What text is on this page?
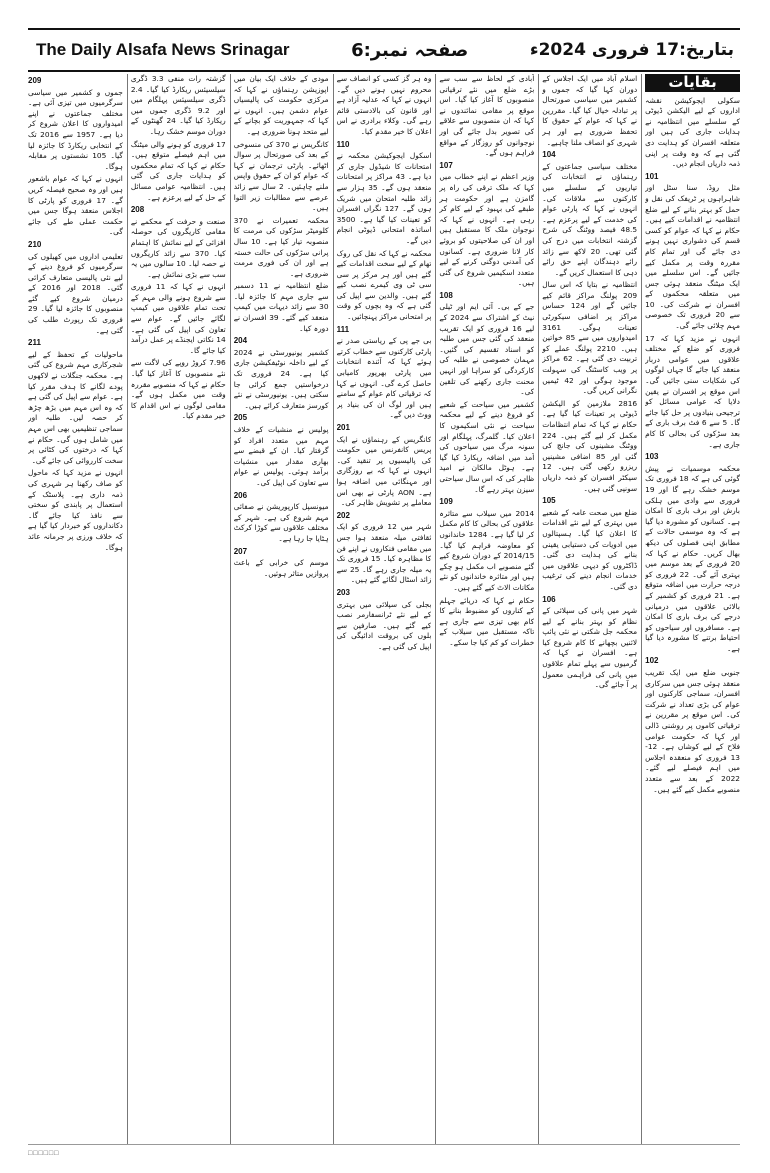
The Daily Alsafa News Srinagar	صفحہ نمبر:6	بتاریخ:17 فروری 2024ء
بقایات
سکولی ایجوکیشن نقشہ اداروں کے لیے الیکشن ڈیوٹی کے سلسلے میں انتظامیہ نے ہدایات جاری کی ہیں اور متعلقہ افسران کو ہدایت دی گئی ہے کہ وہ وقت پر اپنی ذمہ داریاں انجام دیں۔
101
مثل روڈ، سنا سٹل اور شاہراہوں پر ٹریفک کی نقل و حمل کو بہتر بنانے کے لیے ضلع انتظامیہ نے اقدامات کیے ہیں۔ حکام نے کہا کہ عوام کو کسی قسم کی دشواری نہیں ہونے دی جائے گی اور تمام کام مقررہ وقت پر مکمل کیے جائیں گے۔ اس سلسلے میں ایک میٹنگ منعقد ہوئی جس میں متعلقہ محکموں کے افسران نے شرکت کی۔ 10 سے 20 فروری تک خصوصی مہم چلائی جائے گی۔
انہوں نے مزید کہا کہ 17 فروری کو ضلع کے مختلف علاقوں میں عوامی دربار منعقد کیا جائے گا جہاں لوگوں کی شکایات سنی جائیں گی۔ اس موقع پر افسران نے یقین دلایا کہ عوامی مسائل کو ترجیحی بنیادوں پر حل کیا جائے گا۔ 5 سے 6 فٹ برف باری کے بعد سڑکوں کی بحالی کا کام جاری ہے۔
103
محکمہ موسمیات نے پیش گوئی کی ہے کہ 18 فروری تک موسم خشک رہے گا اور 19 فروری سے وادی میں ہلکی بارش اور برف باری کا امکان ہے۔ کسانوں کو مشورہ دیا گیا ہے کہ وہ موسمی حالات کے مطابق اپنی فصلوں کی دیکھ بھال کریں۔ حکام نے کہا کہ 20 فروری کے بعد موسم میں بہتری آئے گی۔ 22 فروری کو درجہ حرارت میں اضافہ متوقع ہے۔ 21 فروری کو کشمیر کے بالائی علاقوں میں درمیانی درجے کی برف باری کا امکان ہے۔ مسافروں اور سیاحوں کو احتیاط برتنے کا مشورہ دیا گیا ہے۔
102
جنوبی ضلع میں ایک تقریب منعقد ہوئی جس میں سرکاری افسران، سماجی کارکنوں اور عوام کی بڑی تعداد نے شرکت کی۔ اس موقع پر مقررین نے ترقیاتی کاموں پر روشنی ڈالی اور کہا کہ حکومت عوامی فلاح کے لیے کوشاں ہے۔ 12-13 فروری کو منعقدہ اجلاس میں اہم فیصلے لیے گئے۔ 2022 کے بعد سے متعدد منصوبے مکمل کیے گئے ہیں۔
اسلام آباد میں ایک اجلاس کے دوران کہا گیا کہ جموں و کشمیر میں سیاسی صورتحال پر تبادلہ خیال کیا گیا۔ مقررین نے کہا کہ عوام کے حقوق کا تحفظ ضروری ہے اور ہر شہری کو انصاف ملنا چاہیے۔
104
مختلف سیاسی جماعتوں کے رہنماؤں نے انتخابات کی تیاریوں کے سلسلے میں کارکنوں سے ملاقات کی۔ انہوں نے کہا کہ پارٹی عوام کی خدمت کے لیے پرعزم ہے۔ 48.5 فیصد ووٹنگ کی شرح گزشتہ انتخابات میں درج کی گئی تھی۔ 20 لاکھ سے زائد رائے دہندگان اپنے حق رائے دہی کا استعمال کریں گے۔
انتظامیہ نے بتایا کہ اس سال 209 پولنگ مراکز قائم کیے جائیں گے اور 124 حساس مراکز پر اضافی سیکورٹی تعینات ہوگی۔ 3161 امیدواروں میں سے 85 خواتین ہیں۔ 2210 پولنگ عملے کو تربیت دی گئی ہے۔ 62 مراکز پر ویب کاسٹنگ کی سہولت موجود ہوگی اور 42 ٹیمیں نگرانی کریں گی۔
2816 ملازمین کو الیکشن ڈیوٹی پر تعینات کیا گیا ہے۔ حکام نے کہا کہ تمام انتظامات مکمل کر لیے گئے ہیں۔ 224 ووٹنگ مشینوں کی جانچ کی گئی اور 85 اضافی مشینیں ریزرو رکھی گئی ہیں۔ 12 سیکٹر افسران کو ذمہ داریاں سونپی گئی ہیں۔
105
ضلع میں صحت عامہ کے شعبے میں بہتری کے لیے نئے اقدامات کا اعلان کیا گیا۔ ہسپتالوں میں ادویات کی دستیابی یقینی بنانے کی ہدایت دی گئی۔ ڈاکٹروں کو دیہی علاقوں میں خدمات انجام دینے کی ترغیب دی گئی۔
106
شہر میں پانی کی سپلائی کے نظام کو بہتر بنانے کے لیے محکمہ جل شکتی نے نئی پائپ لائنیں بچھانے کا کام شروع کیا ہے۔ افسران نے کہا کہ گرمیوں سے پہلے تمام علاقوں میں پانی کی فراہمی معمول پر آ جائے گی۔
آبادی کے لحاظ سے سب سے بڑے ضلع میں نئے ترقیاتی منصوبوں کا آغاز کیا گیا۔ اس موقع پر مقامی نمائندوں نے کہا کہ ان منصوبوں سے علاقے کی تصویر بدل جائے گی اور نوجوانوں کو روزگار کے مواقع فراہم ہوں گے۔
107
وزیر اعظم نے اپنے خطاب میں کہا کہ ملک ترقی کی راہ پر گامزن ہے اور حکومت ہر طبقے کی بہبود کے لیے کام کر رہی ہے۔ انہوں نے کہا کہ نوجوان ملک کا مستقبل ہیں اور ان کی صلاحیتوں کو بروئے کار لانا ضروری ہے۔ کسانوں کی آمدنی دوگنی کرنے کے لیے متعدد اسکیمیں شروع کی گئی ہیں۔
108
جے کے بی۔ آئی ایم اور ٹیلی نیٹ کے اشتراک سے 2024 کے لیے 16 فروری کو ایک تقریب منعقد کی گئی جس میں طلبہ کو اسناد تقسیم کی گئیں۔ مہمان خصوصی نے طلبہ کی کارکردگی کو سراہا اور انہیں محنت جاری رکھنے کی تلقین کی۔
کشمیر میں سیاحت کے شعبے کو فروغ دینے کے لیے محکمہ سیاحت نے نئی اسکیموں کا اعلان کیا۔ گلمرگ، پہلگام اور سونہ مرگ میں سیاحوں کی آمد میں اضافہ ریکارڈ کیا گیا ہے۔ ہوٹل مالکان نے امید ظاہر کی کہ اس سال سیاحتی سیزن بہتر رہے گا۔
109
2014 میں سیلاب سے متاثرہ علاقوں کی بحالی کا کام مکمل کر لیا گیا ہے۔ 1284 خاندانوں کو معاوضہ فراہم کیا گیا۔ 2014/15 کے دوران شروع کیے گئے منصوبے اب مکمل ہو چکے ہیں اور متاثرہ خاندانوں کو نئے مکانات الاٹ کیے گئے ہیں۔
حکام نے کہا کہ دریائے جہلم کے کناروں کو مضبوط بنانے کا کام بھی تیزی سے جاری ہے تاکہ مستقبل میں سیلاب کے خطرات کو کم کیا جا سکے۔
وہ ہر گز کسی کو انصاف سے محروم نہیں ہونے دیں گے۔ انہوں نے کہا کہ عدلیہ آزاد ہے اور قانون کی بالادستی قائم رہے گی۔ وکلاء برادری نے اس اعلان کا خیر مقدم کیا۔
110
اسکول ایجوکیشن محکمہ نے امتحانات کا شیڈول جاری کر دیا ہے۔ 43 مراکز پر امتحانات منعقد ہوں گے۔ 35 ہزار سے زائد طلبہ امتحان میں شریک ہوں گے۔ 127 نگراں افسران کو تعینات کیا گیا ہے۔ 3500 اساتذہ امتحانی ڈیوٹی انجام دیں گے۔
محکمہ نے کہا کہ نقل کی روک تھام کے لیے سخت اقدامات کیے گئے ہیں اور ہر مرکز پر سی سی ٹی وی کیمرے نصب کیے گئے ہیں۔ والدین سے اپیل کی گئی ہے کہ وہ بچوں کو وقت پر امتحانی مراکز پہنچائیں۔
111
بی جے پی کے ریاستی صدر نے پارٹی کارکنوں سے خطاب کرتے ہوئے کہا کہ آئندہ انتخابات میں پارٹی بھرپور کامیابی حاصل کرے گی۔ انہوں نے کہا کہ ترقیاتی کام عوام کے سامنے ہیں اور لوگ ان کی بنیاد پر ووٹ دیں گے۔
201
کانگریس کے رہنماؤں نے ایک پریس کانفرنس میں حکومت کی پالیسیوں پر تنقید کی۔ انہوں نے کہا کہ بے روزگاری اور مہنگائی میں اضافہ ہوا ہے۔ AON پارٹی نے بھی اس معاملے پر تشویش ظاہر کی۔
202
شہر میں 12 فروری کو ایک ثقافتی میلہ منعقد ہوا جس میں مقامی فنکاروں نے اپنے فن کا مظاہرہ کیا۔ 15 فروری تک یہ میلہ جاری رہے گا۔ 25 سے زائد اسٹال لگائے گئے ہیں۔
203
بجلی کی سپلائی میں بہتری کے لیے نئے ٹرانسفارمر نصب کیے گئے ہیں۔ صارفین سے بلوں کی بروقت ادائیگی کی اپیل کی گئی ہے۔
مودی کے خلاف ایک بیان میں اپوزیشن رہنماؤں نے کہا کہ مرکزی حکومت کی پالیسیاں عوام دشمن ہیں۔ انہوں نے کہا کہ جمہوریت کو بچانے کے لیے متحد ہونا ضروری ہے۔
کانگریس نے 370 کی منسوخی کے بعد کی صورتحال پر سوال اٹھائے۔ پارٹی ترجمان نے کہا کہ عوام کو ان کے حقوق واپس ملنے چاہئیں۔ 2 سال سے زائد عرصے سے مطالبات زیر التوا ہیں۔
محکمہ تعمیرات نے 370 کلومیٹر سڑکوں کی مرمت کا منصوبہ تیار کیا ہے۔ 10 سال پرانی سڑکوں کی حالت خستہ ہے اور ان کی فوری مرمت ضروری ہے۔
ضلع انتظامیہ نے 11 دسمبر سے جاری مہم کا جائزہ لیا۔ 30 سے زائد دیہات میں کیمپ منعقد کیے گئے۔ 39 افسران نے دورہ کیا۔
204
کشمیر یونیورسٹی نے 2024 کے لیے داخلہ نوٹیفکیشن جاری کیا ہے۔ 24 فروری تک درخواستیں جمع کرائی جا سکتی ہیں۔ یونیورسٹی نے نئے کورسز متعارف کرائے ہیں۔
205
پولیس نے منشیات کے خلاف مہم میں متعدد افراد کو گرفتار کیا۔ ان کے قبضے سے بھاری مقدار میں منشیات برآمد ہوئی۔ پولیس نے عوام سے تعاون کی اپیل کی۔
206
میونسپل کارپوریشن نے صفائی مہم شروع کی ہے۔ شہر کے مختلف علاقوں سے کوڑا کرکٹ ہٹایا جا رہا ہے۔
207
موسم کی خرابی کے باعث پروازیں متاثر ہوئیں۔
گزشتہ رات منفی 3.3 ڈگری سیلسیئس ریکارڈ کیا گیا۔ 2.4 ڈگری سیلسیئس پہلگام میں اور 9.2 ڈگری جموں میں ریکارڈ کیا گیا۔ 24 گھنٹوں کے دوران موسم خشک رہا۔
17 فروری کو ہونے والی میٹنگ میں اہم فیصلے متوقع ہیں۔ حکام نے کہا کہ تمام محکموں کو ہدایات جاری کی گئی ہیں۔ انتظامیہ عوامی مسائل کے حل کے لیے پرعزم ہے۔
208
صنعت و حرفت کے محکمے نے مقامی کاریگروں کی حوصلہ افزائی کے لیے نمائش کا اہتمام کیا۔ 370 سے زائد کاریگروں نے حصہ لیا۔ 10 سالوں میں یہ سب سے بڑی نمائش ہے۔
انہوں نے کہا کہ 11 فروری سے شروع ہونے والی مہم کے تحت تمام علاقوں میں کیمپ لگائے جائیں گے۔ عوام سے تعاون کی اپیل کی گئی ہے۔ 14 نکاتی ایجنڈے پر عمل درآمد کیا جائے گا۔
7.96 کروڑ روپے کی لاگت سے نئے منصوبوں کا آغاز کیا گیا۔ حکام نے کہا کہ منصوبے مقررہ وقت میں مکمل ہوں گے۔ مقامی لوگوں نے اس اقدام کا خیر مقدم کیا۔
209
جموں و کشمیر میں سیاسی سرگرمیوں میں تیزی آئی ہے۔ مختلف جماعتوں نے اپنے امیدواروں کا اعلان شروع کر دیا ہے۔ 1957 سے 2016 تک کے انتخابی ریکارڈ کا جائزہ لیا گیا۔ 105 نشستوں پر مقابلہ ہوگا۔
انہوں نے کہا کہ عوام باشعور ہیں اور وہ صحیح فیصلہ کریں گے۔ 17 فروری کو پارٹی کا اجلاس منعقد ہوگا جس میں حکمت عملی طے کی جائے گی۔
210
تعلیمی اداروں میں کھیلوں کی سرگرمیوں کو فروغ دینے کے لیے نئی پالیسی متعارف کرائی گئی۔ 2018 اور 2016 کے درمیان شروع کیے گئے منصوبوں کا جائزہ لیا گیا۔ 29 فروری تک رپورٹ طلب کی گئی ہے۔
211
ماحولیات کے تحفظ کے لیے شجرکاری مہم شروع کی گئی ہے۔ محکمہ جنگلات نے لاکھوں پودے لگانے کا ہدف مقرر کیا ہے۔ عوام سے اپیل کی گئی ہے کہ وہ اس مہم میں بڑھ چڑھ کر حصہ لیں۔ طلبہ اور سماجی تنظیمیں بھی اس مہم میں شامل ہوں گی۔ حکام نے کہا کہ درختوں کی کٹائی پر سخت کارروائی کی جائے گی۔
انہوں نے مزید کہا کہ ماحول کو صاف رکھنا ہر شہری کی ذمہ داری ہے۔ پلاسٹک کے استعمال پر پابندی کو سختی سے نافذ کیا جائے گا۔ دکانداروں کو خبردار کیا گیا ہے کہ خلاف ورزی پر جرمانہ عائد ہوگا۔
□□□□□□
